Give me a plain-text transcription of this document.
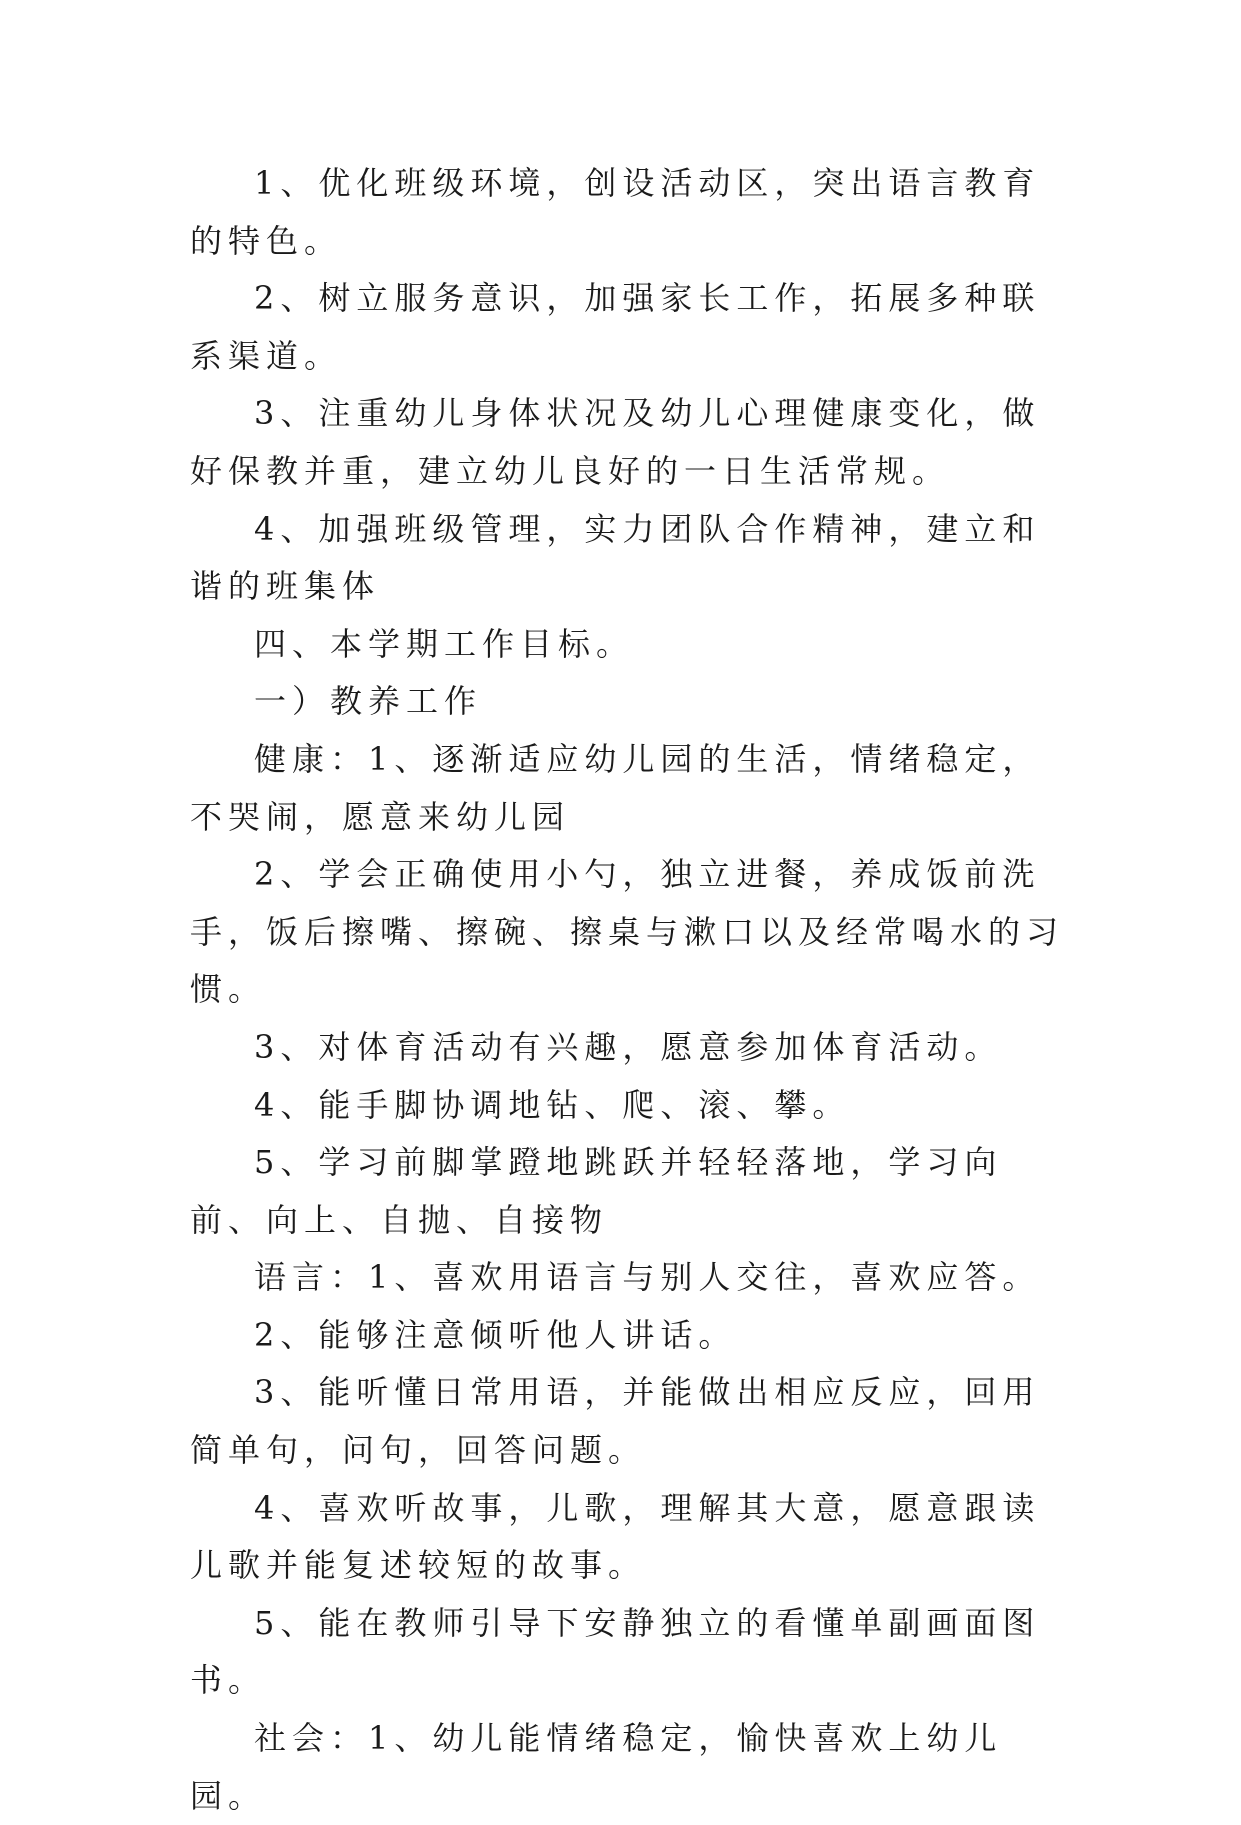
1、优化班级环境，创设活动区，突出语言教育的特色。

2、树立服务意识，加强家长工作，拓展多种联系渠道。

3、注重幼儿身体状况及幼儿心理健康变化，做好保教并重，建立幼儿良好的一日生活常规。

4、加强班级管理，实力团队合作精神，建立和谐的班集体

四、本学期工作目标。

一）教养工作

健康：1、逐渐适应幼儿园的生活，情绪稳定，不哭闹，愿意来幼儿园

2、学会正确使用小勺，独立进餐，养成饭前洗手，饭后擦嘴、擦碗、擦桌与漱口以及经常喝水的习惯。

3、对体育活动有兴趣，愿意参加体育活动。

4、能手脚协调地钻、爬、滚、攀。

5、学习前脚掌蹬地跳跃并轻轻落地，学习向前、向上、自抛、自接物

语言：1、喜欢用语言与别人交往，喜欢应答。

2、能够注意倾听他人讲话。

3、能听懂日常用语，并能做出相应反应，回用简单句，问句，回答问题。

4、喜欢听故事，儿歌，理解其大意，愿意跟读儿歌并能复述较短的故事。

5、能在教师引导下安静独立的看懂单副画面图书。

社会：1、幼儿能情绪稳定，愉快喜欢上幼儿园。
